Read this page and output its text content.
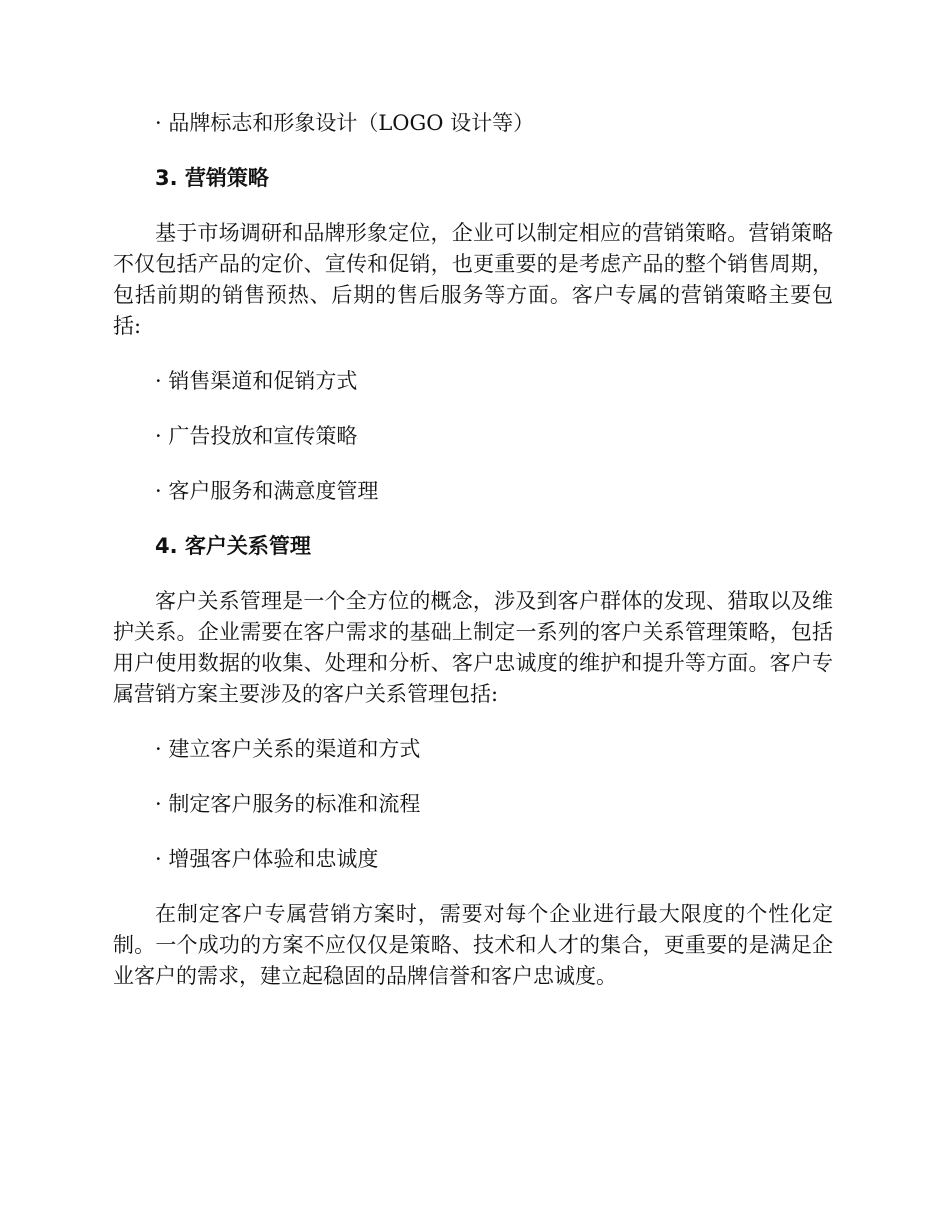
· 品牌标志和形象设计（LOGO 设计等）

3. 营销策略

基于市场调研和品牌形象定位，企业可以制定相应的营销策略。营销策略不仅包括产品的定价、宣传和促销，也更重要的是考虑产品的整个销售周期，包括前期的销售预热、后期的售后服务等方面。客户专属的营销策略主要包括:

· 销售渠道和促销方式

· 广告投放和宣传策略

· 客户服务和满意度管理

4. 客户关系管理

客户关系管理是一个全方位的概念，涉及到客户群体的发现、猎取以及维护关系。企业需要在客户需求的基础上制定一系列的客户关系管理策略，包括用户使用数据的收集、处理和分析、客户忠诚度的维护和提升等方面。客户专属营销方案主要涉及的客户关系管理包括:

· 建立客户关系的渠道和方式

· 制定客户服务的标准和流程

· 增强客户体验和忠诚度

在制定客户专属营销方案时，需要对每个企业进行最大限度的个性化定制。一个成功的方案不应仅仅是策略、技术和人才的集合，更重要的是满足企业客户的需求，建立起稳固的品牌信誉和客户忠诚度。
